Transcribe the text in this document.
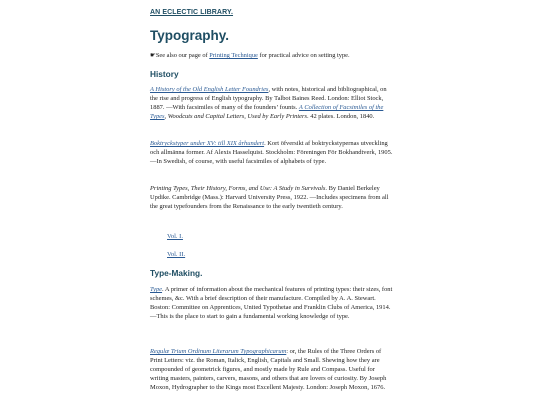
AN ECLECTIC LIBRARY.
Typography.
☛See also our page of Printing Technique for practical advice on setting type.
History

A History of the Old English Letter Foundries, with notes, historical and bibliographical, on the rise and progress of English typography. By Talbot Baines Reed. London: Elliot Stock, 1887. —With facsimiles of many of the founders’ founts. A Collection of Facsimiles of the Types, Woodcuts and Capital Letters, Used by Early Printers. 42 plates. London, 1840.

Boktryckstyper under XV: till XIX århundert. Kort öfversikt af boktryckstypernas utveckling och allmänna former. Af Alexis Hasselquist. Stockholm: Föreningen För Bokhandtverk, 1905. —In Swedish, of course, with useful facsimiles of alphabets of type.

Printing Types, Their History, Forms, and Use: A Study in Survivals. By Daniel Berkeley Updike. Cambridge (Mass.): Harvard University Press, 1922. —Includes specimens from all the great typefounders from the Renaissance to the early twentieth century.

Vol. I.
Vol. II.
Type-Making.

Type. A primer of information about the mechanical features of printing types: their sizes, font schemes, &c. With a brief description of their manufacture. Compiled by A. A. Stewart. Boston: Committee on Apprentices, United Typothetae and Franklin Clubs of America, 1914. —This is the place to start to gain a fundamental working knowledge of type.

Regulæ Trium Ordinum Literarum Typographicarum: or, the Rules of the Three Orders of Print Letters: viz. the Roman, Italick, English, Capitals and Small. Shewing how they are compounded of geometrick figures, and mostly made by Rule and Compass. Useful for writing masters, painters, carvers, masons, and others that are lovers of curiosity. By Joseph Moxon, Hydrographer to the Kings most Excellent Majesty. London: Joseph Moxon, 1676.
